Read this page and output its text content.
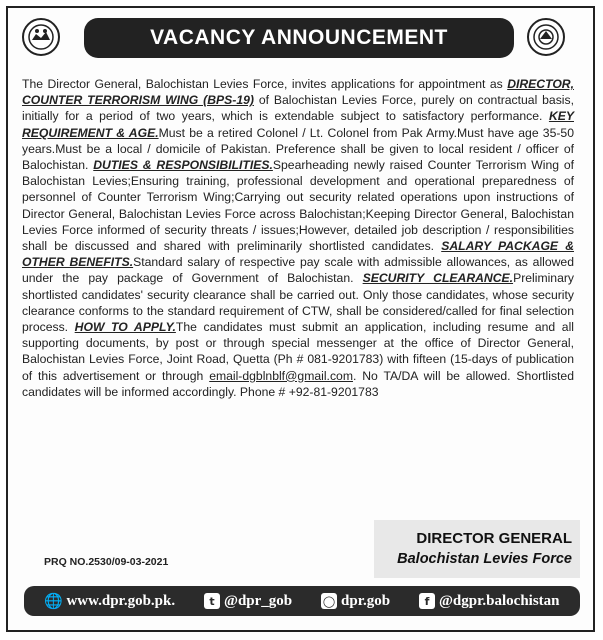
VACANCY ANNOUNCEMENT
The Director General, Balochistan Levies Force, invites applications for appointment as DIRECTOR, COUNTER TERRORISM WING (BPS-19) of Balochistan Levies Force, purely on contractual basis, initially for a period of two years, which is extendable subject to satisfactory performance. KEY REQUIREMENT & AGE.Must be a retired Colonel / Lt. Colonel from Pak Army.Must have age 35-50 years.Must be a local / domicile of Pakistan. Preference shall be given to local resident / officer of Balochistan. DUTIES & RESPONSIBILITIES.Spearheading newly raised Counter Terrorism Wing of Balochistan Levies;Ensuring training, professional development and operational preparedness of personnel of Counter Terrorism Wing;Carrying out security related operations upon instructions of Director General, Balochistan Levies Force across Balochistan;Keeping Director General, Balochistan Levies Force informed of security threats / issues;However, detailed job description / responsibilities shall be discussed and shared with preliminarily shortlisted candidates. SALARY PACKAGE & OTHER BENEFITS.Standard salary of respective pay scale with admissible allowances, as allowed under the pay package of Government of Balochistan. SECURITY CLEARANCE.Preliminary shortlisted candidates' security clearance shall be carried out. Only those candidates, whose security clearance conforms to the standard requirement of CTW, shall be considered/called for final selection process. HOW TO APPLY.The candidates must submit an application, including resume and all supporting documents, by post or through special messenger at the office of Director General, Balochistan Levies Force, Joint Road, Quetta (Ph # 081-9201783) with fifteen (15-days of publication of this advertisement or through email-dgblnblf@gmail.com. No TA/DA will be allowed. Shortlisted candidates will be informed accordingly. Phone # +92-81-9201783
PRQ NO.2530/09-03-2021
DIRECTOR GENERAL
Balochistan Levies Force
🌐 www.dpr.gob.pk.	t @dpr_gob	◯ dpr.gob	f @dgpr.balochistan
